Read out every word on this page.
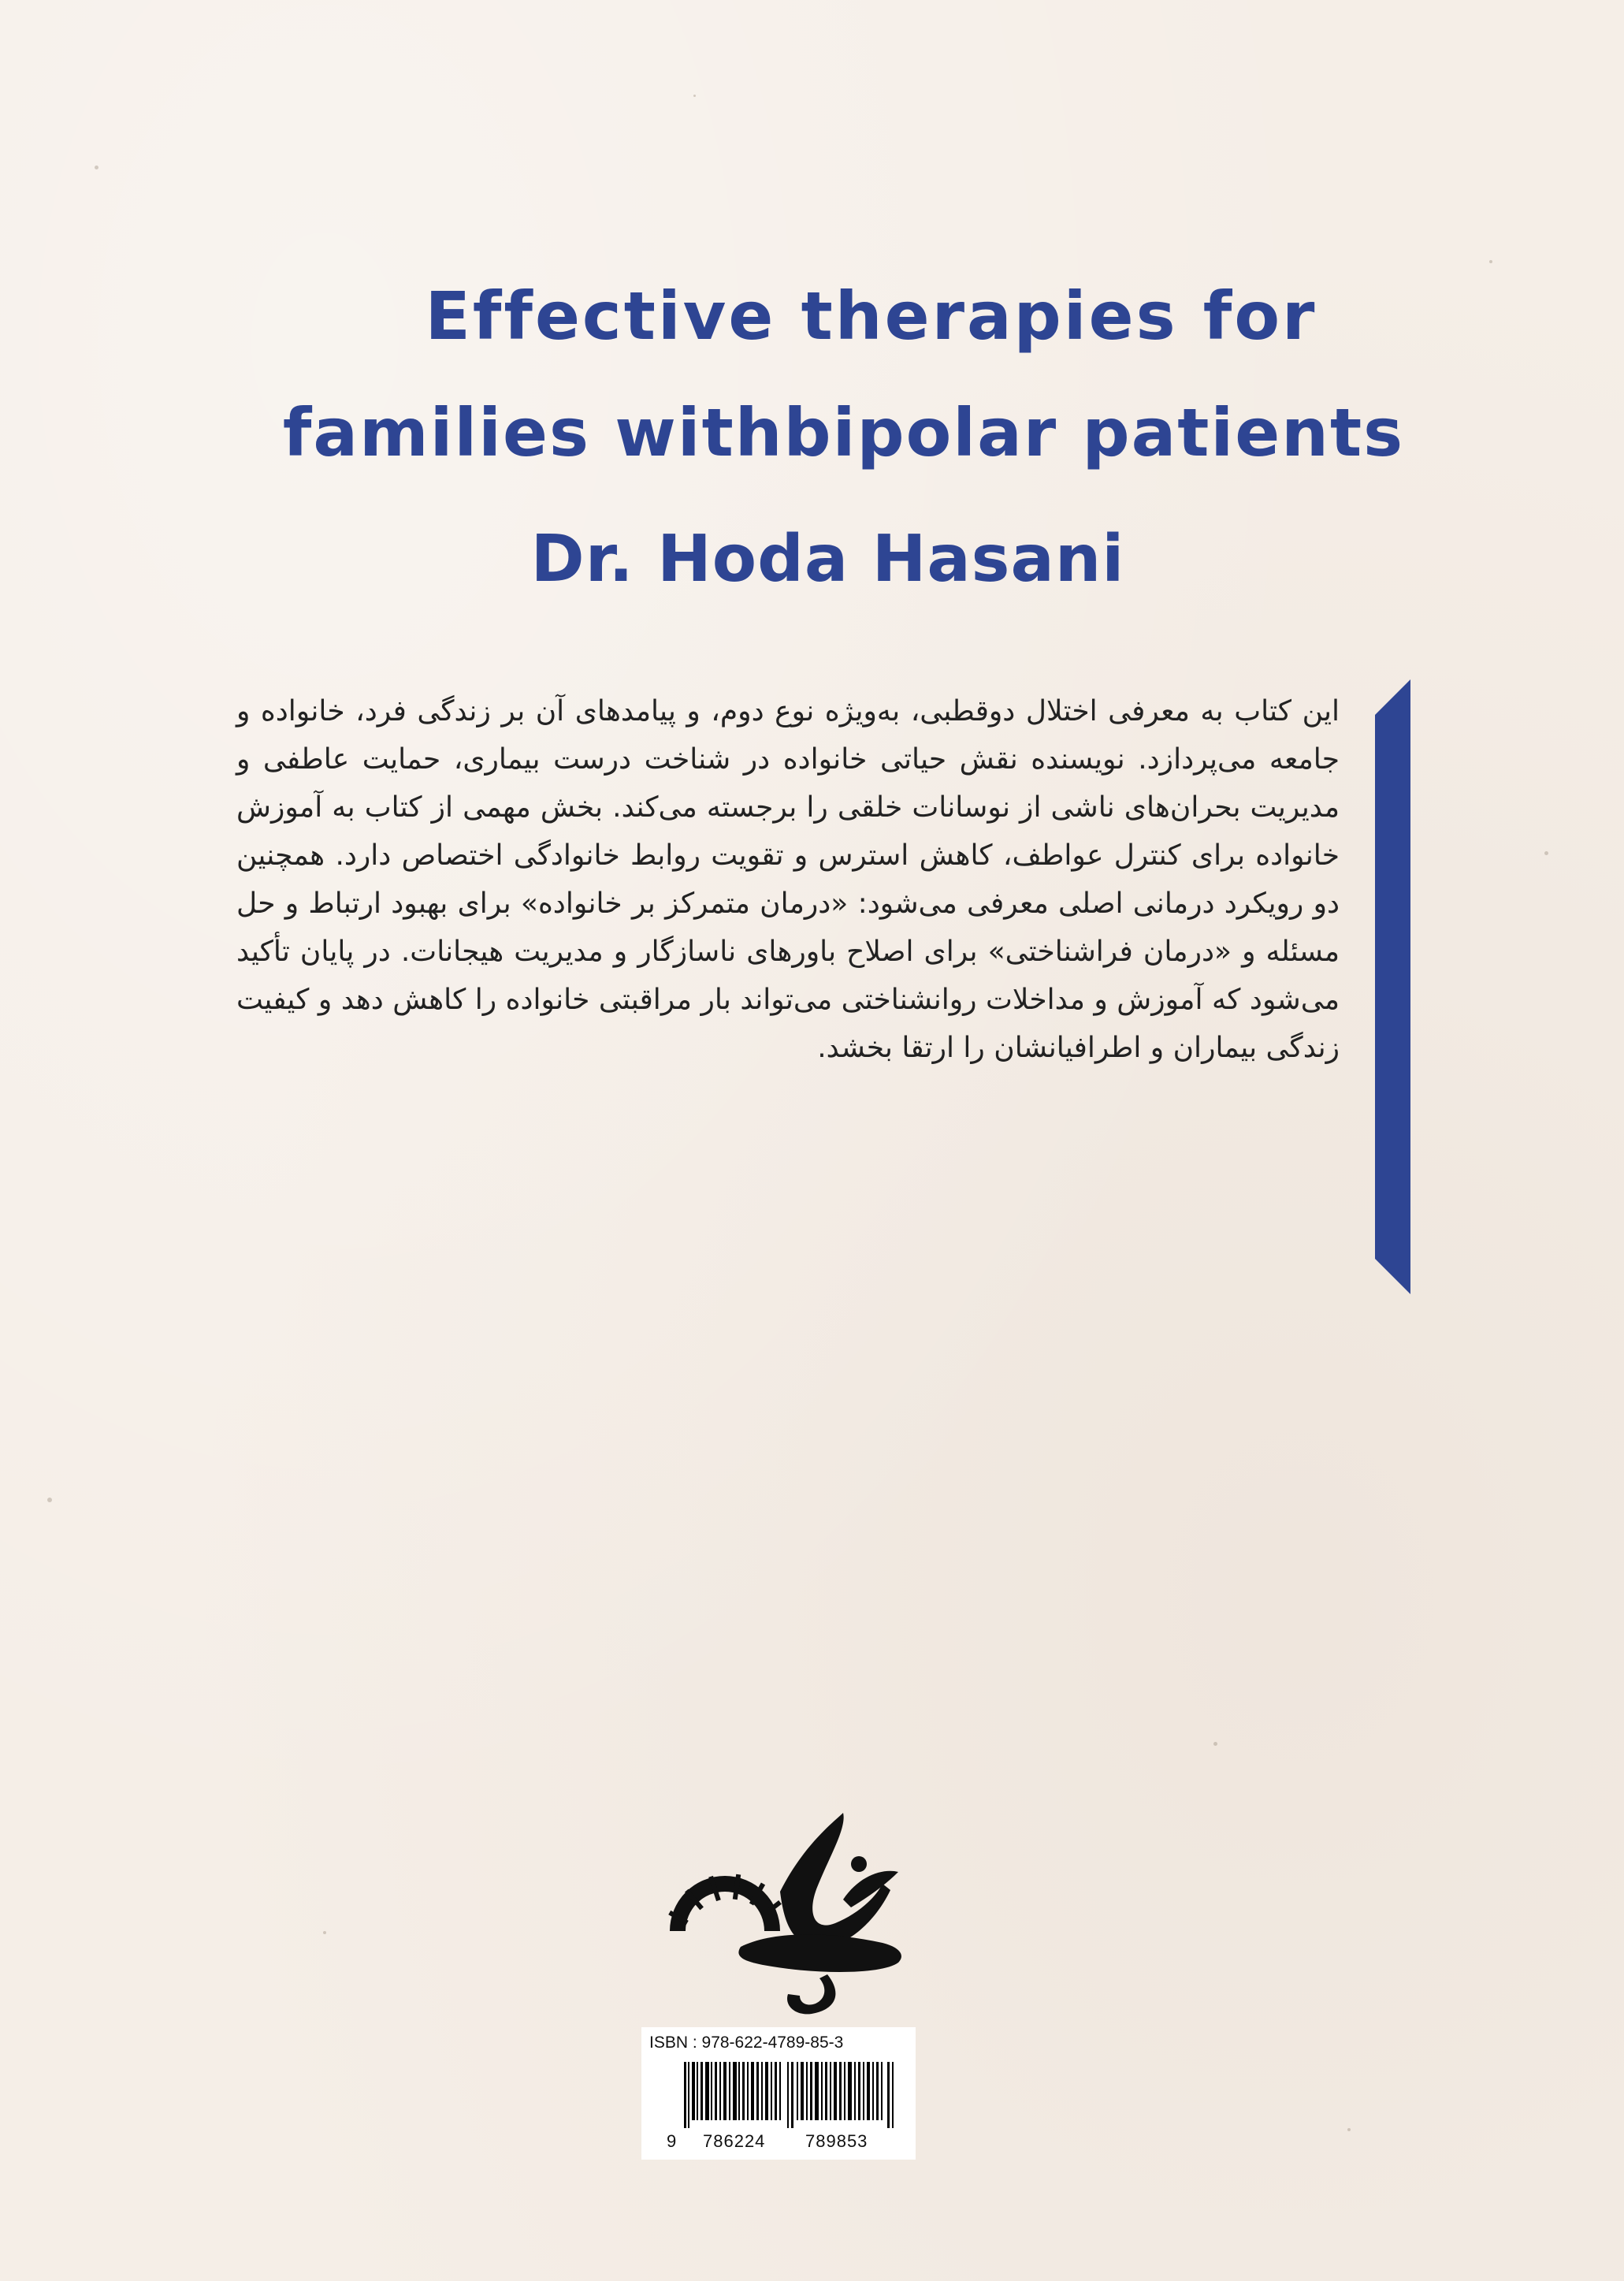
Effective therapies for
families withbipolar patients
Dr. Hoda Hasani

این کتاب به معرفی اختلال دوقطبی، به‌ویژه نوع دوم، و پیامدهای آن بر زندگی فرد، خانواده و جامعه می‌پردازد. نویسنده نقش حیاتی خانواده در شناخت درست بیماری، حمایت عاطفی و مدیریت بحران‌های ناشی از نوسانات خلقی را برجسته می‌کند. بخش مهمی از کتاب به آموزش خانواده برای کنترل عواطف، کاهش استرس و تقویت روابط خانوادگی اختصاص دارد. همچنین دو رویکرد درمانی اصلی معرفی می‌شود: «درمان متمرکز بر خانواده» برای بهبود ارتباط و حل مسئله و «درمان فراشناختی» برای اصلاح باورهای ناسازگار و مدیریت هیجانات. در پایان تأکید می‌شود که آموزش و مداخلات روانشناختی می‌تواند بار مراقبتی خانواده را کاهش دهد و کیفیت زندگی بیماران و اطرافیانشان را ارتقا بخشد.

ISBN : 978-622-4789-85-3
9 786224 789853
